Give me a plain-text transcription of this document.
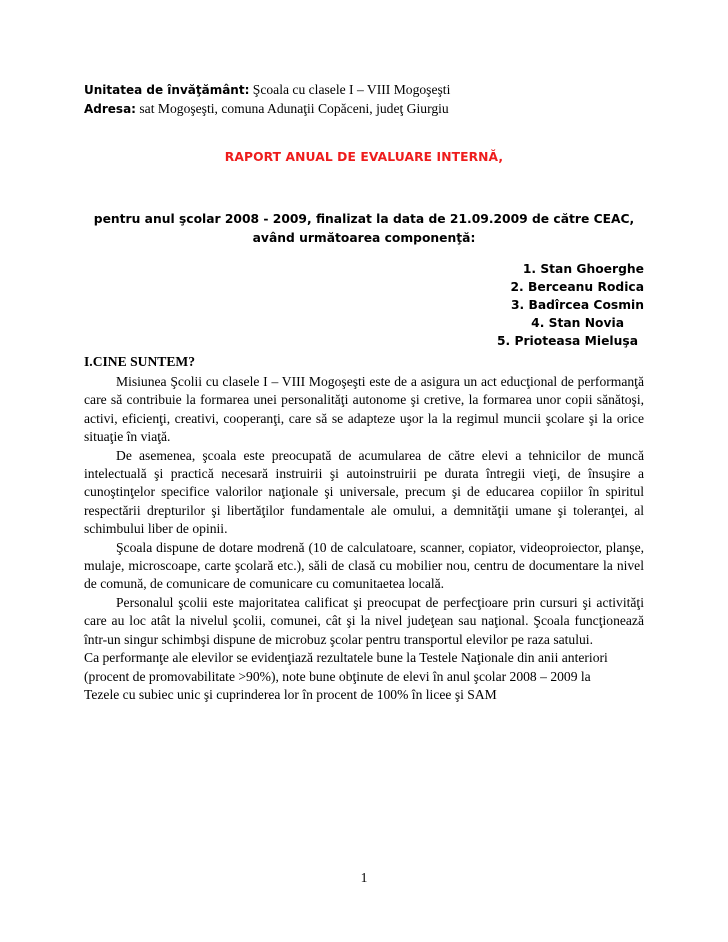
Unitatea de învăţământ: Şcoala cu clasele I – VIII Mogoşeşti
Adresa: sat Mogoşeşti, comuna Adunaţii Copăceni, judeţ Giurgiu
RAPORT ANUAL DE EVALUARE INTERNĂ,
pentru anul şcolar 2008 - 2009, finalizat la data de 21.09.2009 de către CEAC,
având următoarea componenţă:
1. Stan Ghoerghe
2. Berceanu Rodica
3. Badîrcea Cosmin
4. Stan Novia
5. Prioteasa Mieluşa
I.CINE SUNTEM?

Misiunea Şcolii cu clasele I – VIII Mogoşeşti este de a asigura un act educţional de performanţă care să contribuie la formarea unei personalităţi autonome şi cretive, la formarea unor copii sănătoşi, activi, eficienţi, creativi, cooperanţi, care să se adapteze uşor la la regimul muncii şcolare şi la orice situaţie în viaţă.

De asemenea, şcoala este preocupată de acumularea de către elevi a tehnicilor de muncă intelectuală şi practică necesară instruirii şi autoinstruirii pe durata întregii vieţi, de însuşire a cunoştinţelor specifice valorilor naţionale şi universale, precum şi de educarea copiilor în spiritul respectării drepturilor şi libertăţilor fundamentale ale omului, a demnităţii umane şi toleranţei, al schimbului liber de opinii.

Şcoala dispune de dotare modrenă (10 de calculatoare, scanner, copiator, videoproiector, planşe, mulaje, microscoape, carte şcolară etc.), săli de clasă cu mobilier nou, centru de documentare la nivel de comună, de comunicare de comunicare cu comunitaetea locală.

Personalul şcolii este majoritatea calificat şi preocupat de perfecţioare prin cursuri şi activităţi care au loc atât la nivelul şcolii, comunei, cât şi la nivel judeţean sau naţional. Şcoala funcţionează într-un singur schimbşi dispune de microbuz şcolar pentru transportul elevilor pe raza satului.

Ca performanţe ale elevilor se evidenţiază rezultatele bune la Testele Naţionale din anii anteriori

(procent de promovabilitate >90%), note bune obţinute de elevi în anul şcolar 2008 – 2009 la

Tezele cu subiec unic şi cuprinderea lor în procent de 100% în licee şi SAM

1
